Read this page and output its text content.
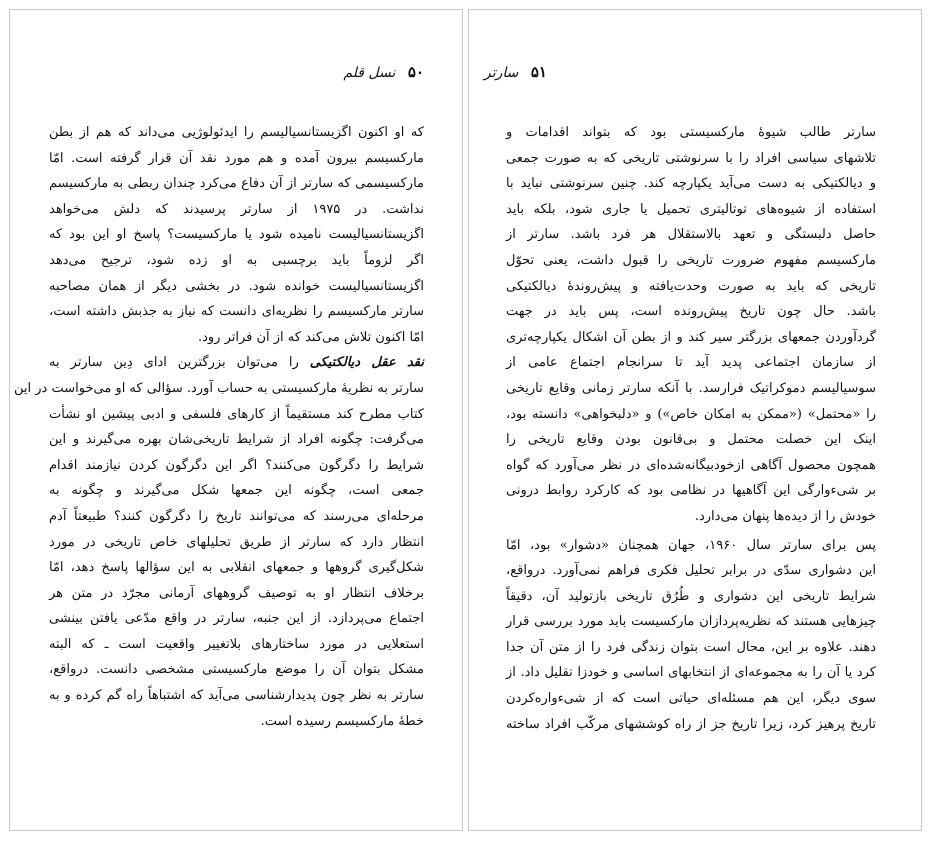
۵۰ نسل قلم
که او اکنون اگزیستانسیالیسم را ایدئولوژیی می‌داند که هم از بطن
مارکسیسم بیرون آمده و هم مورد نقد آن قرار گرفته است. امّا
مارکسیسمی که سارتر از آن دفاع می‌کرد چندان ربطی به مارکسیسم
نداشت. در ۱۹۷۵ از سارتر پرسیدند که دلش می‌خواهد
اگزیستانسیالیست نامیده شود یا مارکسیست؟ پاسخ او این بود که
اگر لزوماً باید برچسبی به او زده شود، ترجیح می‌دهد
اگزیستانسیالیست خوانده شود. در بخشی دیگر از همان مصاحبه
سارتر مارکسیسم را نظریه‌ای دانست که نیاز به جذبش داشته است،
امّا اکنون تلاش می‌کند که از آن فراتر رود.
نقد عقل دیالکتیکی را می‌توان بزرگترین ادای دِین سارتر به
سارتر به نظریهٔ مارکسیستی به حساب آورد. سؤالی که او می‌خواست در این
کتاب مطرح کند مستقیماً از کارهای فلسفی و ادبی پیشین او نشأت
می‌گرفت: چگونه افراد از شرایط تاریخی‌شان بهره می‌گیرند و این
شرایط را دگرگون می‌کنند؟ اگر این دگرگون کردن نیازمند اقدام
جمعی است، چگونه این جمعها شکل می‌گیرند و چگونه به
مرحله‌ای می‌رسند که می‌توانند تاریخ را دگرگون کنند؟ طبیعتاً آدم
انتظار دارد که سارتر از طریق تحلیلهای خاص تاریخی در مورد
شکل‌گیری گروهها و جمعهای انقلابی به این سؤالها پاسخ دهد، امّا
برخلاف انتظار او به توصیف گروههای آرمانی مجرّد در متن هر
اجتماع می‌پردازد. از این جنبه، سارتر در واقع مدّعی یافتن بینشی
استعلایی در مورد ساختارهای بلاتغییر واقعیت است ـ که البته
مشکل بتوان آن را موضع مارکسیستی مشخصی دانست. درواقع،
سارتر به نظر چون پدیدارشناسی می‌آید که اشتباهاً راه گم کرده و به
خطهٔ مارکسیسم رسیده است.
۵۱ سارتر
سارتر طالب شیوهٔ مارکسیستی بود که بتواند اقدامات و
تلاشهای سیاسی افراد را با سرنوشتی تاریخی که به صورت جمعی
و دیالکتیکی به دست می‌آید یکپارچه کند. چنین سرنوشتی نباید با
استفاده از شیوه‌های توتالیتری تحمیل یا جاری شود، بلکه باید
حاصل دلبستگی و تعهد بالاستقلال هر فرد باشد. سارتر از
مارکسیسم مفهوم ضرورت تاریخی را قبول داشت، یعنی تحوّل
تاریخی که باید به صورت وحدت‌یافته و پیش‌روندهٔ دیالکتیکی
باشد. حال چون تاریخ پیش‌رونده است، پس باید در جهت
گردآوردن جمعهای بزرگتر سیر کند و از بطن آن اشکال یکپارچه‌تری
از سازمان اجتماعی پدید آید تا سرانجام اجتماع عامی از
سوسیالیسم دموکراتیک فرارسد. با آنکه سارتر زمانی وقایع تاریخی
را «محتمل» («ممکن به امکان خاص») و «دلبخواهی» دانسته بود،
اینک این خصلت محتمل و بی‌قانون بودن وقایع تاریخی را
همچون محصول آگاهی ازخودبیگانه‌شده‌ای در نظر می‌آورد که گواه
بر شیء‌وارگی این آگاهیها در نظامی بود که کارکرد روابط درونی
خودش را از دیده‌ها پنهان می‌دارد.
پس برای سارتر سال ۱۹۶۰، جهان همچنان «دشوار» بود، امّا
این دشواری سدّی در برابر تحلیل فکری فراهم نمی‌آورد. درواقع،
شرایط تاریخی این دشواری و طُرُق تاریخی بازتولید آن، دقیقاً
چیزهایی هستند که نظریه‌پردازان مارکسیست باید مورد بررسی قرار
دهند. علاوه بر این، محال است بتوان زندگی فرد را از متن آن جدا
کرد یا آن را به مجموعه‌ای از انتخابهای اساسی و خودزا تقلیل داد. از
سوی دیگر، این هم مسئله‌ای حیاتی است که از شیءواره‌کردن
تاریخ پرهیز کرد، زیرا تاریخ جز از راه کوششهای مرکّب افراد ساخته
